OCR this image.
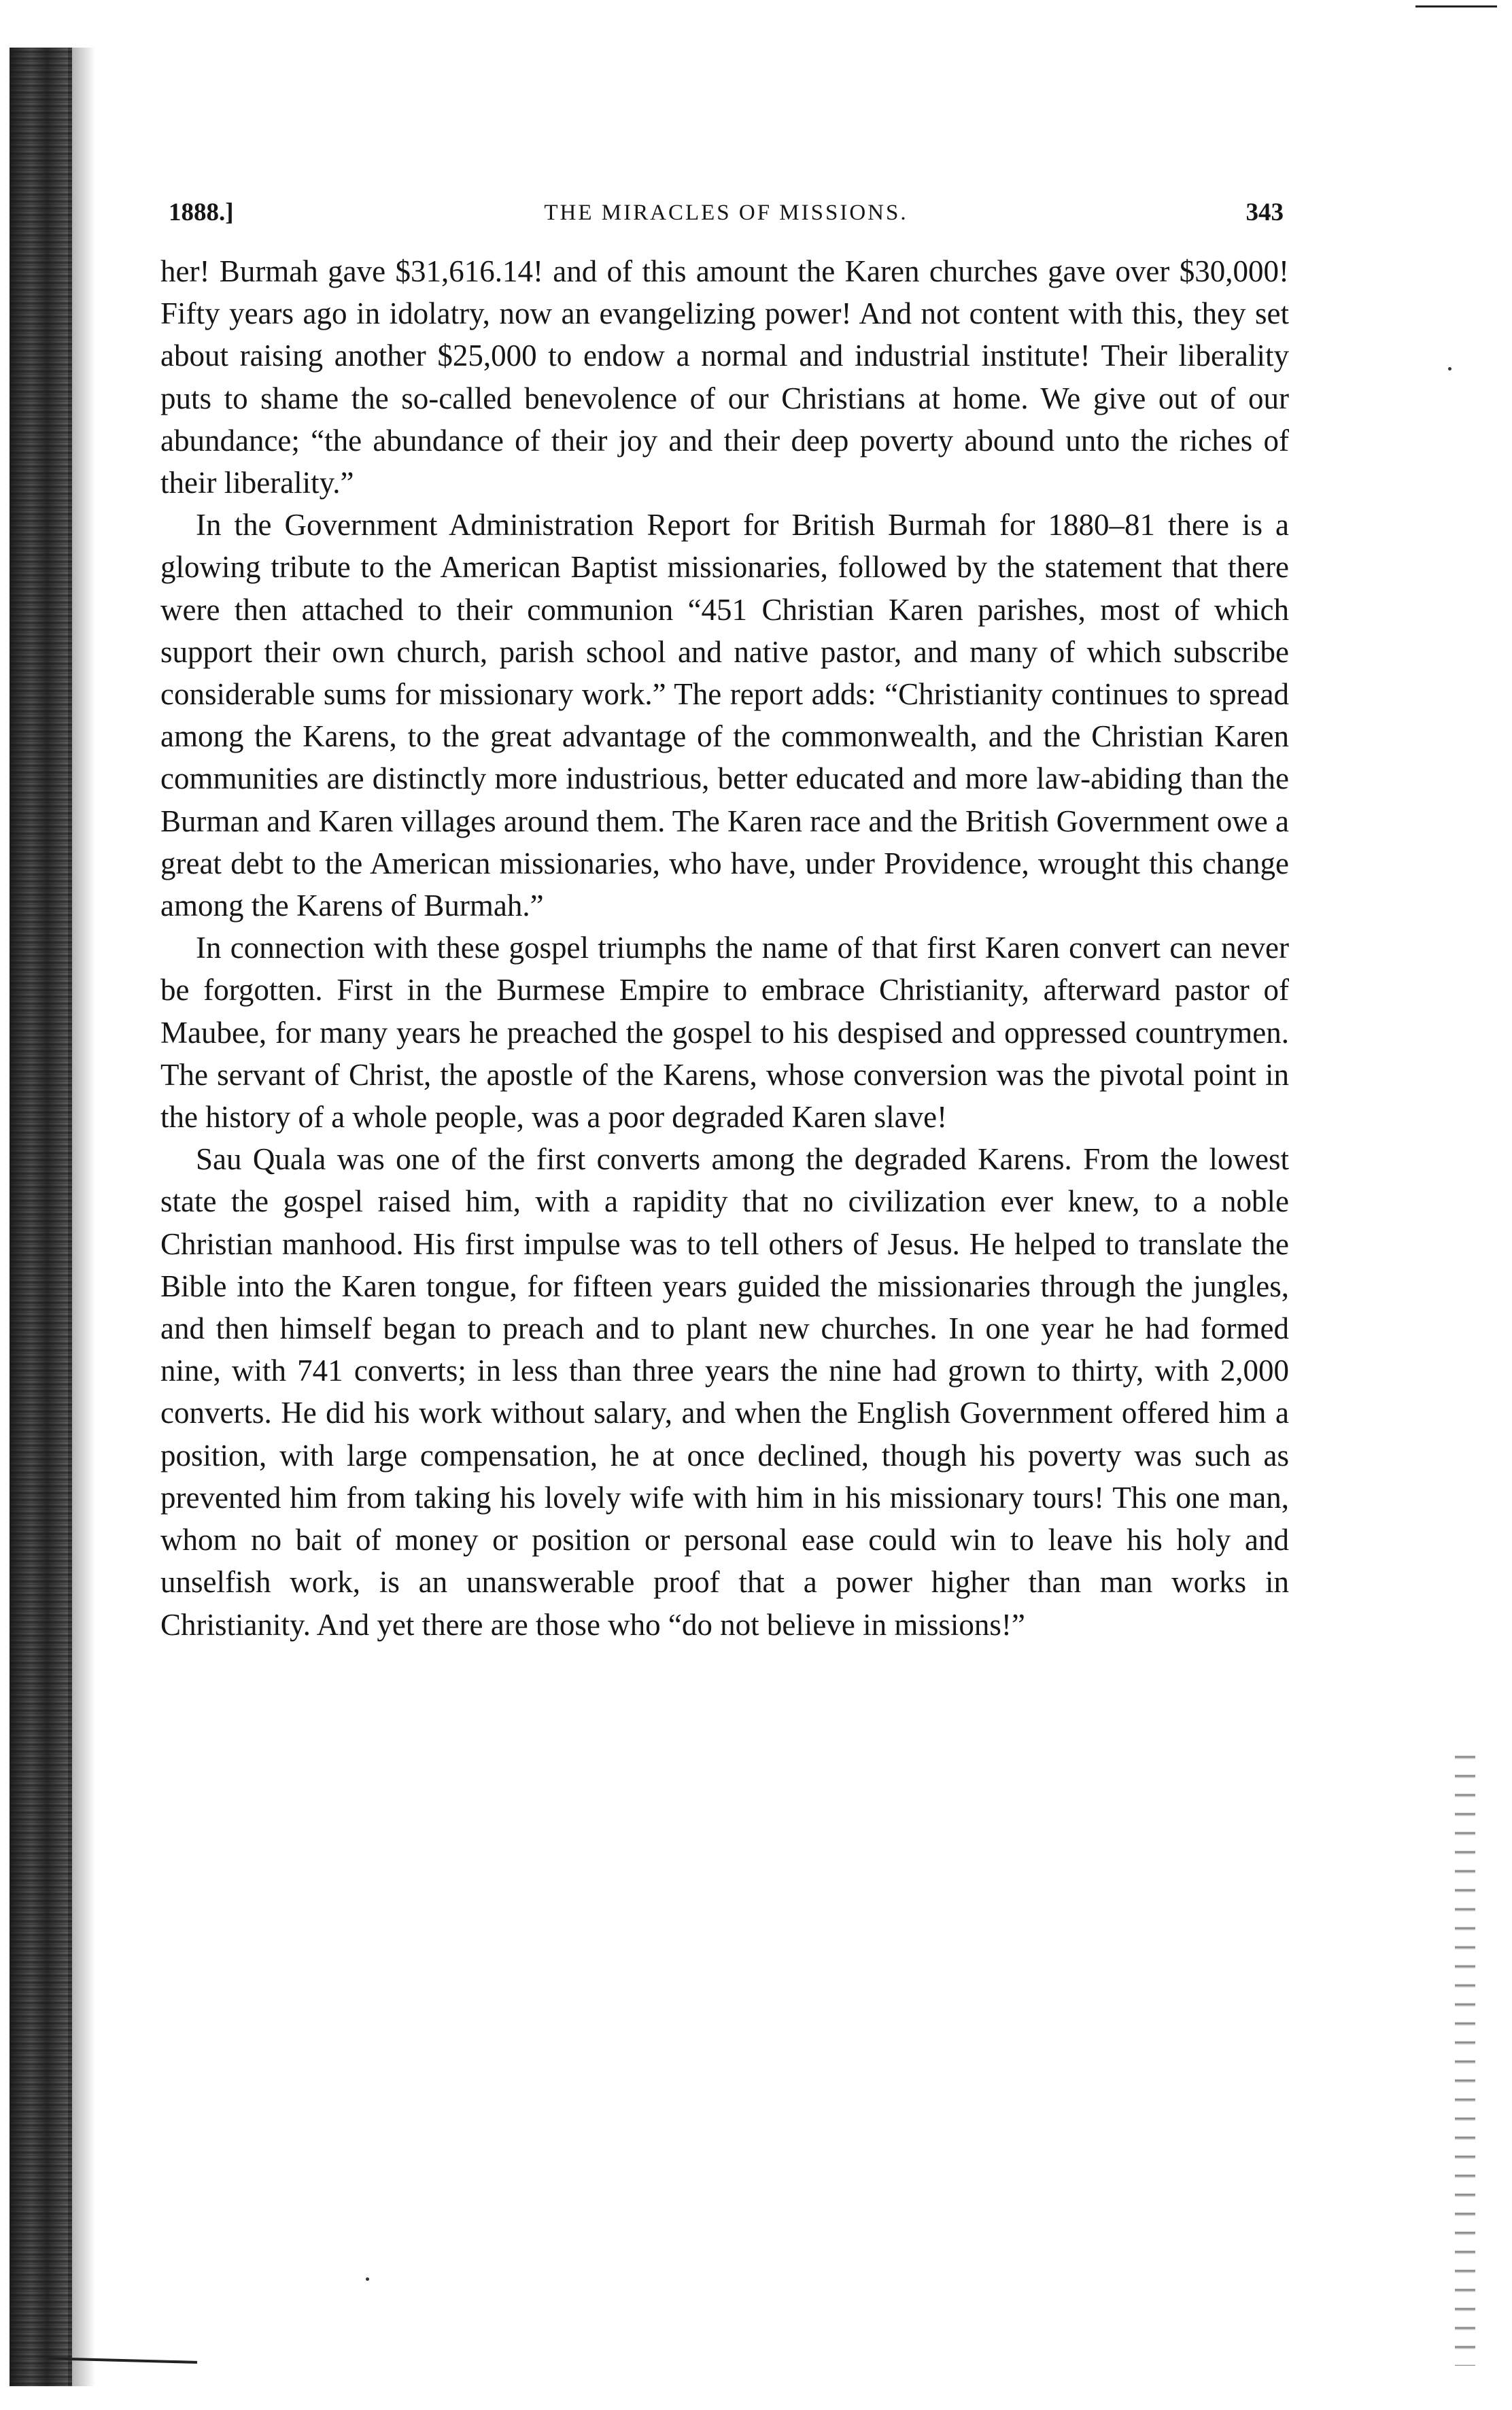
1888.]	THE MIRACLES OF MISSIONS.	343

her! Burmah gave $31,616.14! and of this amount the Karen churches gave over $30,000! Fifty years ago in idolatry, now an evangelizing power! And not content with this, they set about raising another $25,000 to endow a normal and industrial institute! Their liberality puts to shame the so-called benevolence of our Christians at home. We give out of our abundance; “the abundance of their joy and their deep poverty abound unto the riches of their liberality.”

In the Government Administration Report for British Burmah for 1880–81 there is a glowing tribute to the American Baptist missionaries, followed by the statement that there were then attached to their communion “451 Christian Karen parishes, most of which support their own church, parish school and native pastor, and many of which subscribe considerable sums for missionary work.” The report adds: “Christianity continues to spread among the Karens, to the great advantage of the commonwealth, and the Christian Karen communities are distinctly more industrious, better educated and more law-abiding than the Burman and Karen villages around them. The Karen race and the British Government owe a great debt to the American missionaries, who have, under Providence, wrought this change among the Karens of Burmah.”

In connection with these gospel triumphs the name of that first Karen convert can never be forgotten. First in the Burmese Empire to embrace Christianity, afterward pastor of Maubee, for many years he preached the gospel to his despised and oppressed countrymen. The servant of Christ, the apostle of the Karens, whose conversion was the pivotal point in the history of a whole people, was a poor degraded Karen slave!

Sau Quala was one of the first converts among the degraded Karens. From the lowest state the gospel raised him, with a rapidity that no civilization ever knew, to a noble Christian manhood. His first impulse was to tell others of Jesus. He helped to translate the Bible into the Karen tongue, for fifteen years guided the missionaries through the jungles, and then himself began to preach and to plant new churches. In one year he had formed nine, with 741 converts; in less than three years the nine had grown to thirty, with 2,000 converts. He did his work without salary, and when the English Government offered him a position, with large compensation, he at once declined, though his poverty was such as prevented him from taking his lovely wife with him in his missionary tours! This one man, whom no bait of money or position or personal ease could win to leave his holy and unselfish work, is an unanswerable proof that a power higher than man works in Christianity. And yet there are those who “do not believe in missions!”
